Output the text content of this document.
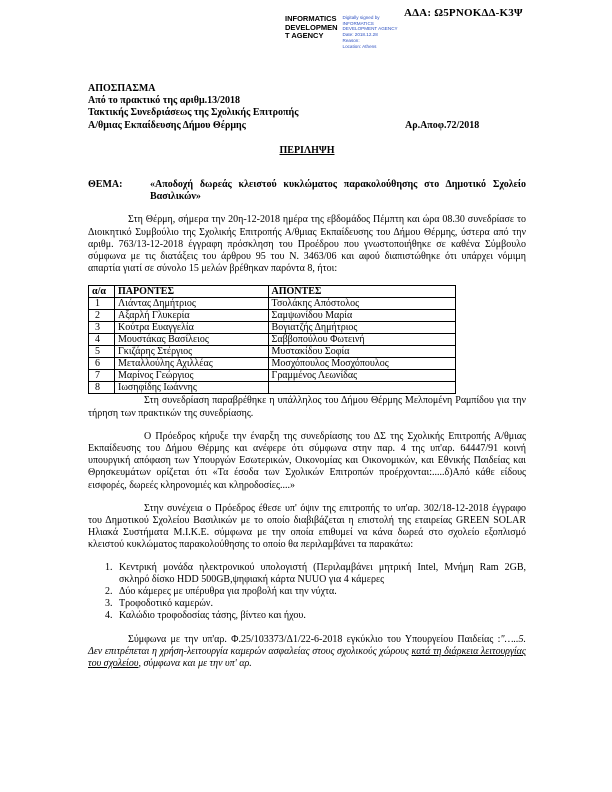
ΑΔΑ: Ω5ΡΝΟΚΔΔ-Κ3Ψ
INFORMATICS
DEVELOPMEN
T AGENCY
Digitally signed by
INFORMATICS
DEVELOPMENT AGENCY
Date: 2018.12.28
Reason:
Location: Athens
ΑΠΟΣΠΑΣΜΑ
Από το πρακτικό της αριθμ.13/2018
Τακτικής Συνεδριάσεως της Σχολικής Επιτροπής
Α/θμιας Εκπαίδευσης Δήμου Θέρμης	Αρ.Αποφ.72/2018
ΠΕΡΙΛΗΨΗ
ΘΕΜΑ:	«Αποδοχή δωρεάς κλειστού κυκλώματος παρακολούθησης στο Δημοτικό Σχολείο Βασιλικών»
Στη Θέρμη, σήμερα την 20η-12-2018 ημέρα της εβδομάδος Πέμπτη και ώρα 08.30 συνεδρίασε το Διοικητικό Συμβούλιο της Σχολικής Επιτροπής Α/θμιας Εκπαίδευσης του Δήμου Θέρμης, ύστερα από την αριθμ. 763/13-12-2018 έγγραφη πρόσκληση του Προέδρου που γνωστοποιήθηκε σε καθένα Σύμβουλο σύμφωνα με τις διατάξεις του άρθρου 95 του Ν. 3463/06 και αφού διαπιστώθηκε ότι υπάρχει νόμιμη απαρτία γιατί σε σύνολο 15 μελών βρέθηκαν παρόντα 8, ήτοι:
α/α	ΠΑΡΟΝΤΕΣ	ΑΠΟΝΤΕΣ
1	Λιάντας Δημήτριος	Τσολάκης Απόστολος
2	Αξαρλή Γλυκερία	Σαμψωνίδου Μαρία
3	Κούτρα Ευαγγελία	Βογιατζής Δημήτριος
4	Μουστάκας Βασίλειος	Σαββοπούλου Φωτεινή
5	Γκιζάρης Στέργιος	Μυστακίδου Σοφία
6	Μεταλλούλης Αχιλλέας	Μοσχόπουλος Μοσχόπουλος
7	Μαρίνος Γεώργιος	Γραμμένος Λεωνίδας
8	Ιωσηφίδης Ιωάννης	
Στη συνεδρίαση παραβρέθηκε η υπάλληλος του Δήμου Θέρμης Μελπομένη Ραμπίδου για την τήρηση των πρακτικών της συνεδρίασης.
Ο Πρόεδρος κήρυξε την έναρξη της συνεδρίασης του ΔΣ της Σχολικής Επιτροπής Α/θμιας Εκπαίδευσης του Δήμου Θέρμης και ανέφερε ότι σύμφωνα στην παρ. 4 της υπ'αρ. 64447/91 κοινή υπουργική απόφαση των Υπουργών Εσωτερικών, Οικονομίας και Οικονομικών, και Εθνικής Παιδείας και Θρησκευμάτων ορίζεται ότι «Τα έσοδα των Σχολικών Επιτροπών προέρχονται:.....δ)Από κάθε είδους εισφορές, δωρεές κληρονομιές και κληροδοσίες....»
Στην συνέχεια ο Πρόεδρος έθεσε υπ' όψιν της επιτροπής το υπ'αρ. 302/18-12-2018 έγγραφο του Δημοτικού Σχολείου Βασιλικών με το οποίο διαβιβάζεται η επιστολή της εταιρείας GREEN SOLAR Ηλιακά Συστήματα Μ.Ι.Κ.Ε. σύμφωνα με την οποία επιθυμεί να κάνα δωρεά στο σχολείο εξοπλισμό κλειστού κυκλώματος παρακολούθησης το οποίο θα περιλαμβάνει τα παρακάτω:
1. Κεντρική μονάδα ηλεκτρονικού υπολογιστή (Περιλαμβάνει μητρική Intel, Μνήμη Ram 2GB, σκληρό δίσκο HDD 500GB,ψηφιακή κάρτα NUUO για 4 κάμερες
2. Δύο κάμερες με υπέρυθρα για προβολή και την νύχτα.
3. Τροφοδοτικό καμερών.
4. Καλώδιο τροφοδοσίας τάσης, βίντεο και ήχου.
Σύμφωνα με την υπ'αρ. Φ.25/103373/Δ1/22-6-2018 εγκύκλιο του Υπουργείου Παιδείας :"…..5. Δεν επιτρέπεται η χρήση-λειτουργία καμερών ασφαλείας στους σχολικούς χώρους κατά τη διάρκεια λειτουργίας του σχολείου, σύμφωνα και με την υπ' αρ.
